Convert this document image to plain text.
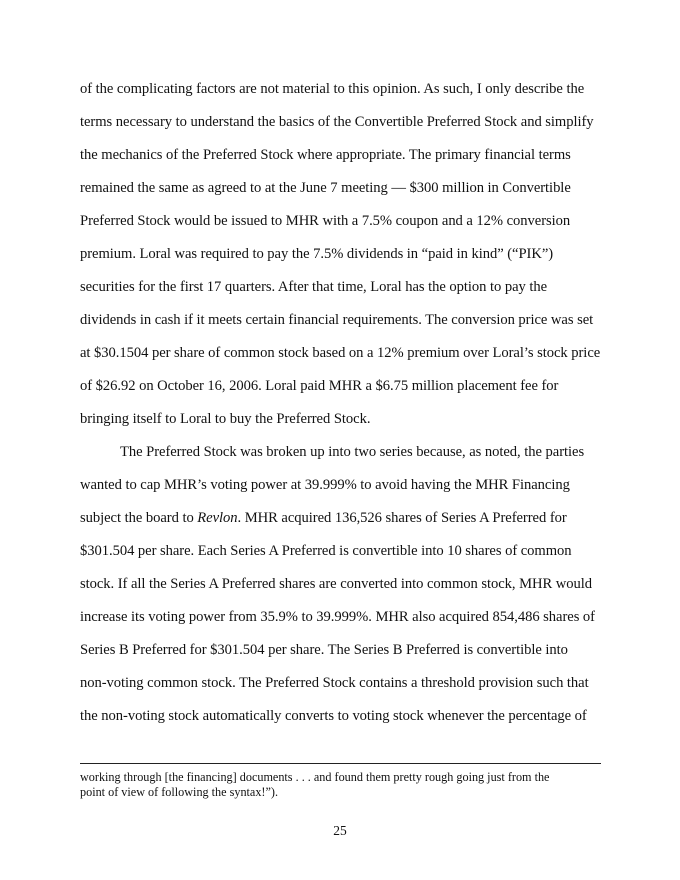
of the complicating factors are not material to this opinion. As such, I only describe the
terms necessary to understand the basics of the Convertible Preferred Stock and simplify
the mechanics of the Preferred Stock where appropriate. The primary financial terms
remained the same as agreed to at the June 7 meeting — $300 million in Convertible
Preferred Stock would be issued to MHR with a 7.5% coupon and a 12% conversion
premium. Loral was required to pay the 7.5% dividends in “paid in kind” (“PIK”)
securities for the first 17 quarters. After that time, Loral has the option to pay the
dividends in cash if it meets certain financial requirements. The conversion price was set
at $30.1504 per share of common stock based on a 12% premium over Loral’s stock price
of $26.92 on October 16, 2006. Loral paid MHR a $6.75 million placement fee for
bringing itself to Loral to buy the Preferred Stock.
The Preferred Stock was broken up into two series because, as noted, the parties
wanted to cap MHR’s voting power at 39.999% to avoid having the MHR Financing
subject the board to Revlon. MHR acquired 136,526 shares of Series A Preferred for
$301.504 per share. Each Series A Preferred is convertible into 10 shares of common
stock. If all the Series A Preferred shares are converted into common stock, MHR would
increase its voting power from 35.9% to 39.999%. MHR also acquired 854,486 shares of
Series B Preferred for $301.504 per share. The Series B Preferred is convertible into
non-voting common stock. The Preferred Stock contains a threshold provision such that
the non-voting stock automatically converts to voting stock whenever the percentage of
working through [the financing] documents . . . and found them pretty rough going just from the
point of view of following the syntax!”).
25
